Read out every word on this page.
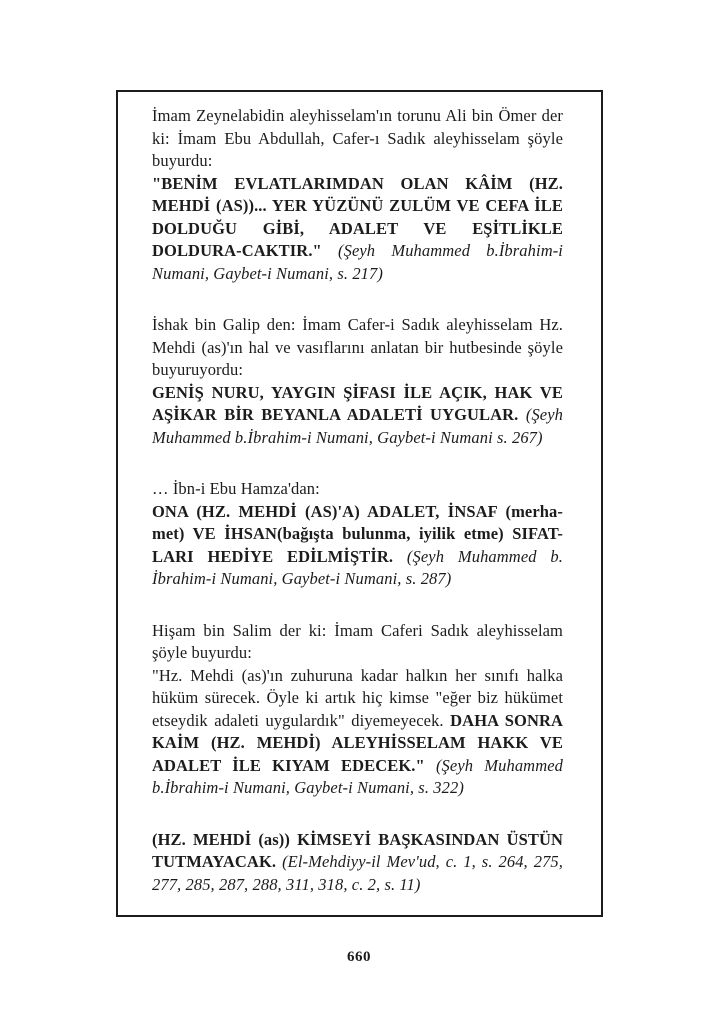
İmam Zeynelabidin aleyhisselam'ın torunu Ali bin Ömer der ki: İmam Ebu Abdullah, Cafer-ı Sadık aleyhisselam şöyle buyurdu:

"BENİM EVLATLARIMDAN OLAN KÂİM (HZ. MEHDİ (AS))... YER YÜZÜNÜ ZULÜM VE CEFA İLE DOLDUĞU GİBİ, ADALET VE EŞİTLİKLE DOLDURA-CAKTIR." (Şeyh Muhammed b.İbrahim-i Numani, Gaybet-i Numani, s. 217)

İshak bin Galip den: İmam Cafer-i Sadık aleyhisselam Hz. Mehdi (as)'ın hal ve vasıflarını anlatan bir hutbesinde şöyle buyuruyordu:

GENİŞ NURU, YAYGIN ŞİFASI İLE AÇIK, HAK VE AŞİKAR BİR BEYANLA ADALETİ UYGULAR. (Şeyh Muhammed b.İbrahim-i Numani, Gaybet-i Numani s. 267)

… İbn-i Ebu Hamza'dan:

ONA (HZ. MEHDİ (AS)'A) ADALET, İNSAF (merha-met) VE İHSAN(bağışta bulunma, iyilik etme) SIFAT-LARI HEDİYE EDİLMİŞTİR. (Şeyh Muhammed b. İbrahim-i Numani, Gaybet-i Numani, s. 287)

Hişam bin Salim der ki: İmam Caferi Sadık aleyhisselam şöyle buyurdu:

"Hz. Mehdi (as)'ın zuhuruna kadar halkın her sınıfı halka hüküm sürecek. Öyle ki artık hiç kimse "eğer biz hükümet etseydik adaleti uygulardık" diyemeyecek. DAHA SONRA KAİM (HZ. MEHDİ) ALEYHİSSELAM HAKK VE ADALET İLE KIYAM EDECEK." (Şeyh Muhammed b.İbrahim-i Numani, Gaybet-i Numani, s. 322)

(HZ. MEHDİ (as)) KİMSEYİ BAŞKASINDAN ÜSTÜN TUTMAYACAK. (El-Mehdiyy-il Mev'ud, c. 1, s. 264, 275, 277, 285, 287, 288, 311, 318, c. 2, s. 11)

660
